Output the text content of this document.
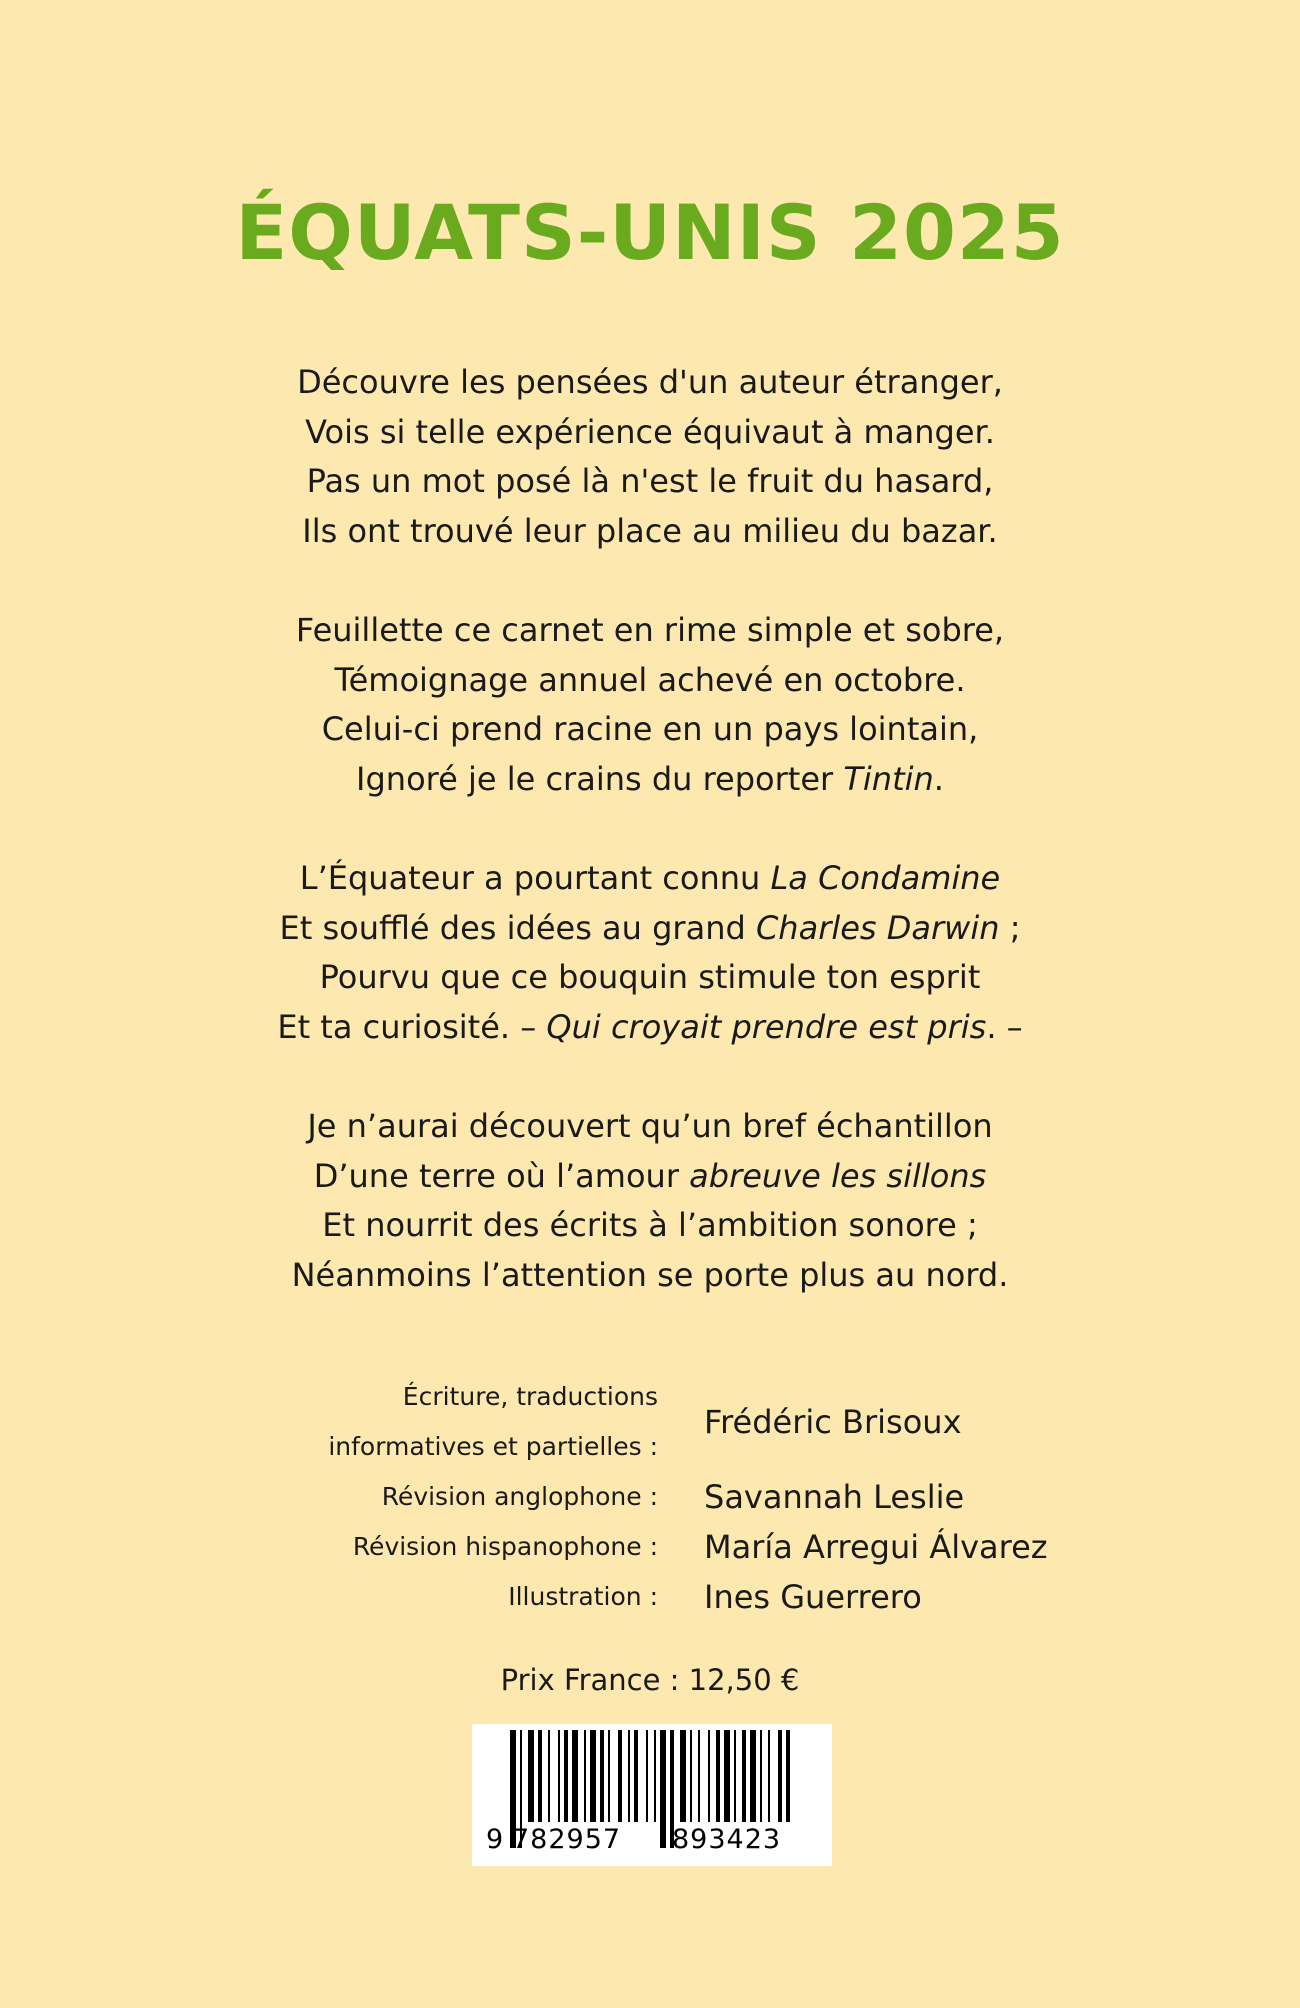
ÉQUATS-UNIS 2025
Découvre les pensées d'un auteur étranger,
Vois si telle expérience équivaut à manger.
Pas un mot posé là n'est le fruit du hasard,
Ils ont trouvé leur place au milieu du bazar.
Feuillette ce carnet en rime simple et sobre,
Témoignage annuel achevé en octobre.
Celui-ci prend racine en un pays lointain,
Ignoré je le crains du reporter Tintin.
L’Équateur a pourtant connu La Condamine
Et soufflé des idées au grand Charles Darwin ;
Pourvu que ce bouquin stimule ton esprit
Et ta curiosité. – Qui croyait prendre est pris. –
Je n’aurai découvert qu’un bref échantillon
D’une terre où l’amour abreuve les sillons
Et nourrit des écrits à l’ambition sonore ;
Néanmoins l’attention se porte plus au nord.
Écriture, traductions
informatives et partielles :
Frédéric Brisoux
Révision anglophone : Savannah Leslie
Révision hispanophone : María Arregui Álvarez
Illustration : Ines Guerrero
Prix France : 12,50 €
9 782957 893423
